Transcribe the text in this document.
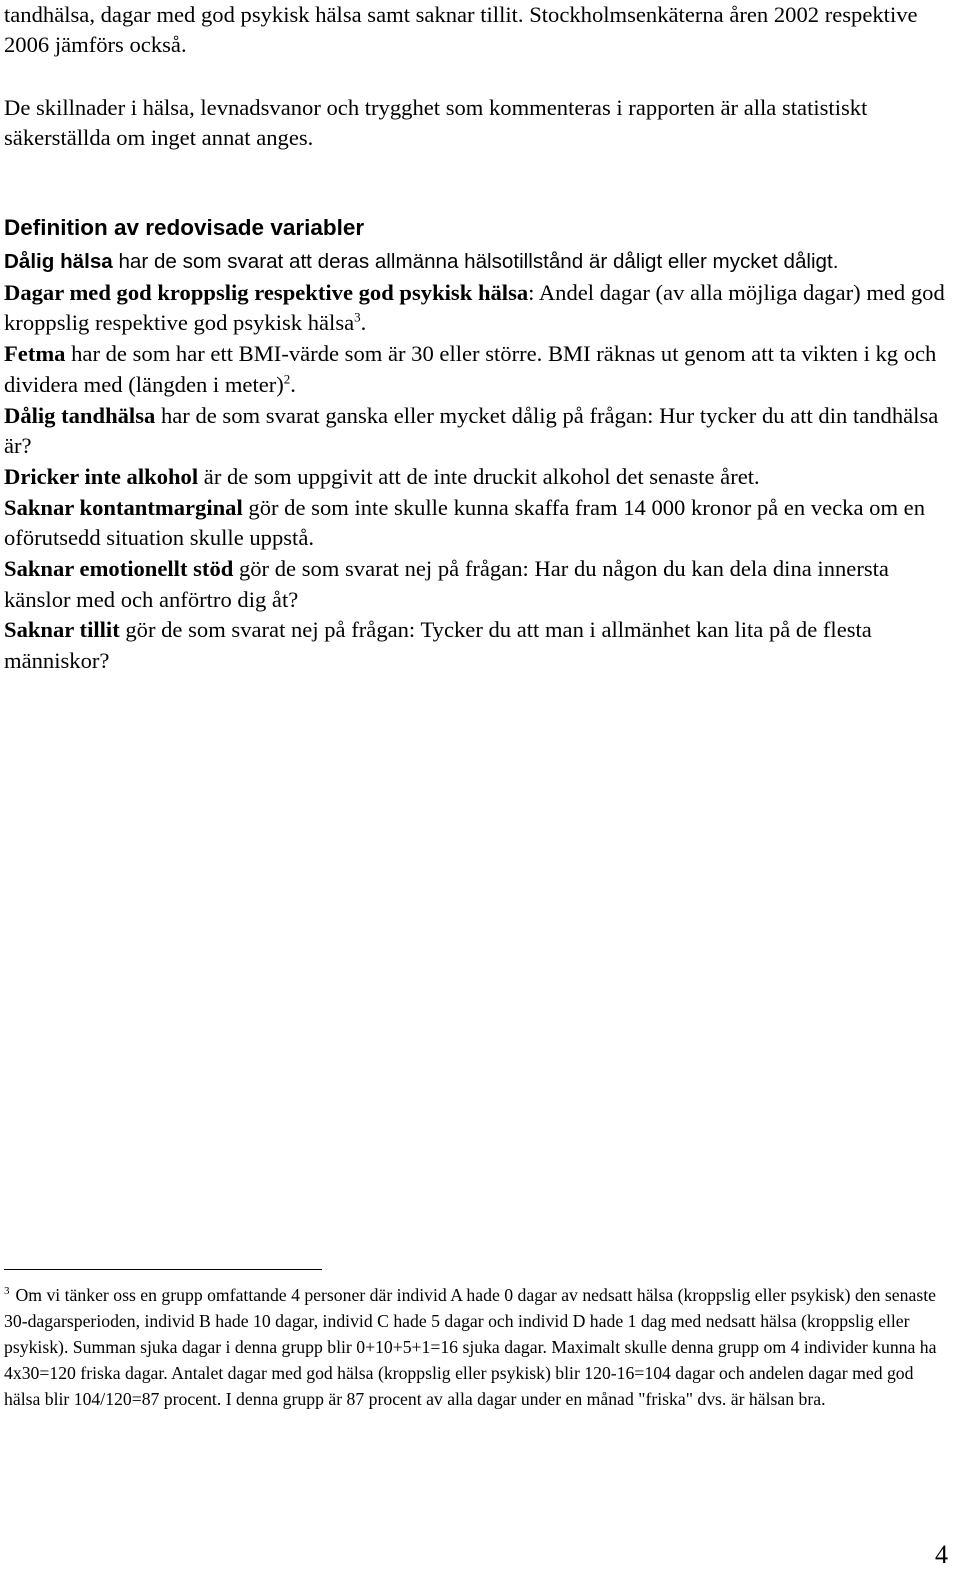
tandhälsa, dagar med god psykisk hälsa samt saknar tillit. Stockholmsenkäterna åren 2002 respektive 2006 jämförs också.

De skillnader i hälsa, levnadsvanor och trygghet som kommenteras i rapporten är alla statistiskt säkerställda om inget annat anges.

Definition av redovisade variabler

Dålig hälsa har de som svarat att deras allmänna hälsotillstånd är dåligt eller mycket dåligt.

Dagar med god kroppslig respektive god psykisk hälsa: Andel dagar (av alla möjliga dagar) med god kroppslig respektive god psykisk hälsa$^3$.

Fetma har de som har ett BMI-värde som är 30 eller större. BMI räknas ut genom att ta vikten i kg och dividera med (längden i meter)$^2$.

Dålig tandhälsa har de som svarat ganska eller mycket dålig på frågan: Hur tycker du att din tandhälsa är?

Dricker inte alkohol är de som uppgivit att de inte druckit alkohol det senaste året.

Saknar kontantmarginal gör de som inte skulle kunna skaffa fram 14 000 kronor på en vecka om en oförutsedd situation skulle uppstå.

Saknar emotionellt stöd gör de som svarat nej på frågan: Har du någon du kan dela dina innersta känslor med och anförtro dig åt?

Saknar tillit gör de som svarat nej på frågan: Tycker du att man i allmänhet kan lita på de flesta människor?

$^3$ Om vi tänker oss en grupp omfattande 4 personer där individ A hade 0 dagar av nedsatt hälsa (kroppslig eller psykisk) den senaste 30-dagarsperioden, individ B hade 10 dagar, individ C hade 5 dagar och individ D hade 1 dag med nedsatt hälsa (kroppslig eller psykisk). Summan sjuka dagar i denna grupp blir 0+10+5+1=16 sjuka dagar. Maximalt skulle denna grupp om 4 individer kunna ha 4x30=120 friska dagar. Antalet dagar med god hälsa (kroppslig eller psykisk) blir 120-16=104 dagar och andelen dagar med god hälsa blir 104/120=87 procent. I denna grupp är 87 procent av alla dagar under en månad "friska" dvs. är hälsan bra.

4
